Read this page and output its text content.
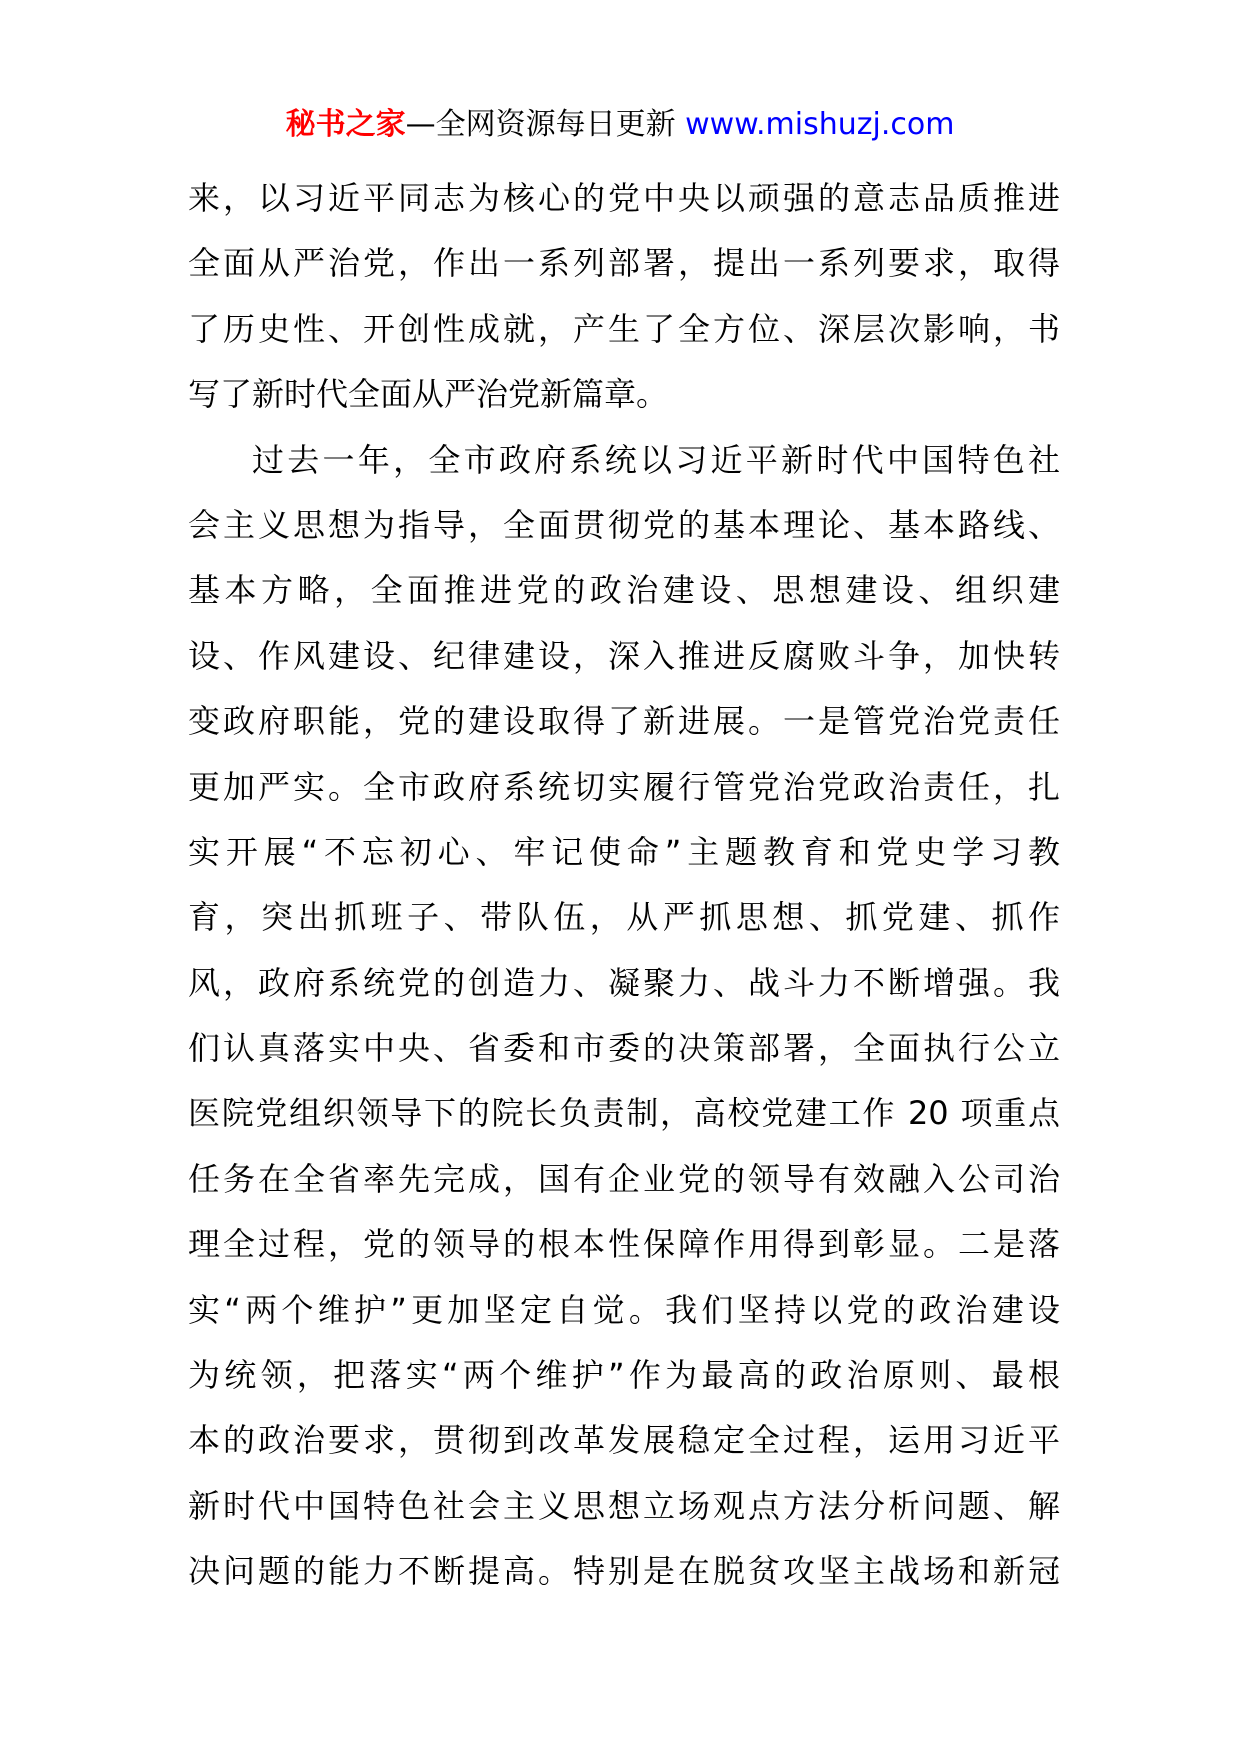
秘书之家—全网资源每日更新 www.mishuzj.com
来，以习近平同志为核心的党中央以顽强的意志品质推进
全面从严治党，作出一系列部署，提出一系列要求，取得
了历史性、开创性成就，产生了全方位、深层次影响，书
写了新时代全面从严治党新篇章。
过去一年，全市政府系统以习近平新时代中国特色社
会主义思想为指导，全面贯彻党的基本理论、基本路线、
基本方略，全面推进党的政治建设、思想建设、组织建
设、作风建设、纪律建设，深入推进反腐败斗争，加快转
变政府职能，党的建设取得了新进展。一是管党治党责任
更加严实。全市政府系统切实履行管党治党政治责任，扎
实开展“不忘初心、牢记使命”主题教育和党史学习教
育，突出抓班子、带队伍，从严抓思想、抓党建、抓作
风，政府系统党的创造力、凝聚力、战斗力不断增强。我
们认真落实中央、省委和市委的决策部署，全面执行公立
医院党组织领导下的院长负责制，高校党建工作 20 项重点
任务在全省率先完成，国有企业党的领导有效融入公司治
理全过程，党的领导的根本性保障作用得到彰显。二是落
实“两个维护”更加坚定自觉。我们坚持以党的政治建设
为统领，把落实“两个维护”作为最高的政治原则、最根
本的政治要求，贯彻到改革发展稳定全过程，运用习近平
新时代中国特色社会主义思想立场观点方法分析问题、解
决问题的能力不断提高。特别是在脱贫攻坚主战场和新冠
